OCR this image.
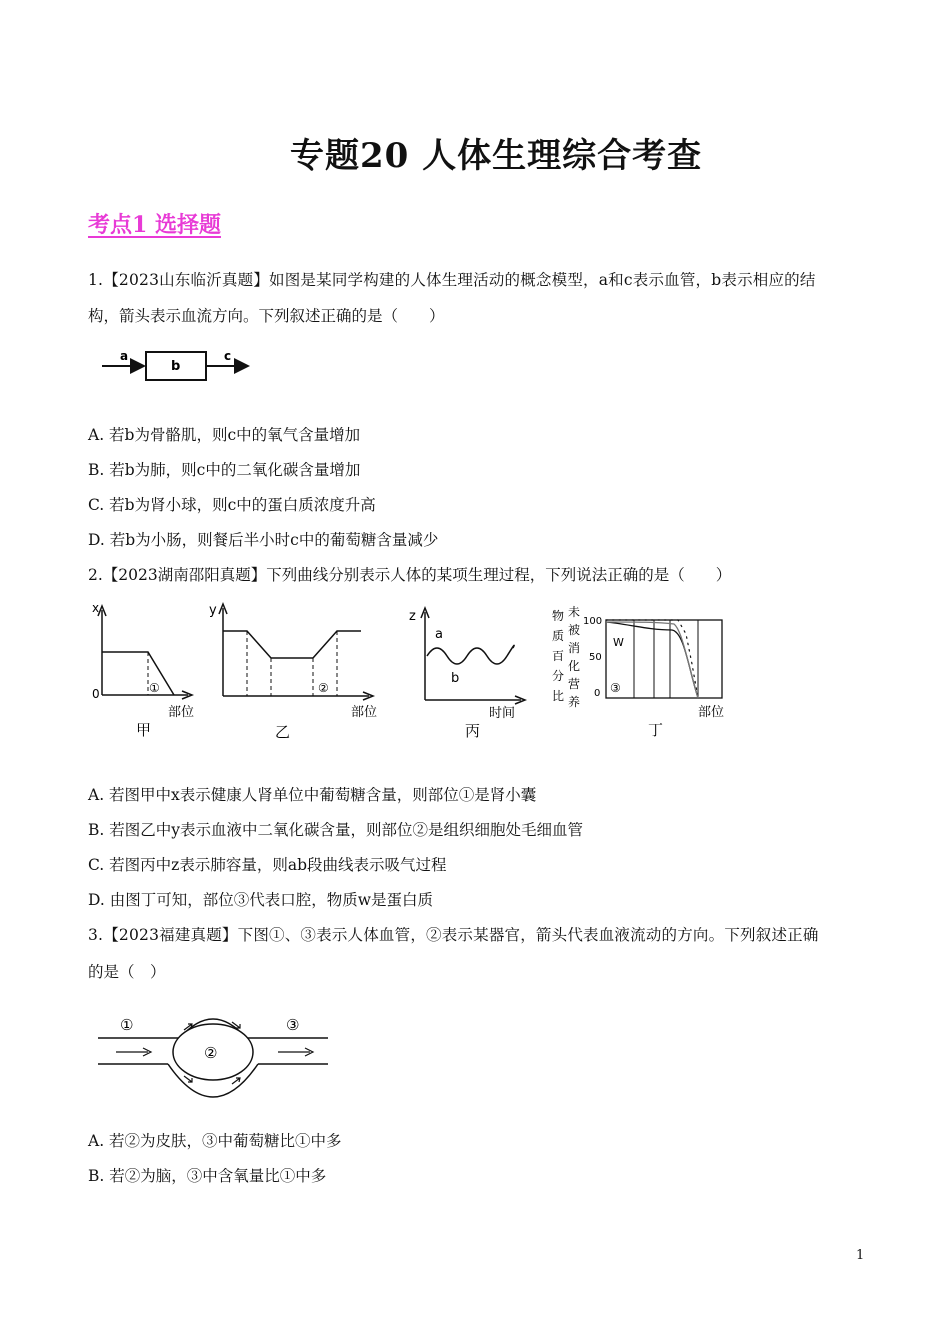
专题20 人体生理综合考查
考点1 选择题
1.【2023山东临沂真题】如图是某同学构建的人体生理活动的概念模型，a和c表示血管，b表示相应的结
构，箭头表示血流方向。下列叙述正确的是（　　）
a
b
c
A. 若b为骨骼肌，则c中的氧气含量增加
B. 若b为肺，则c中的二氧化碳含量增加
C. 若b为肾小球，则c中的蛋白质浓度升高
D. 若b为小肠，则餐后半小时c中的葡萄糖含量减少
2.【2023湖南邵阳真题】下列曲线分别表示人体的某项生理过程，下列说法正确的是（　　）
x
0	①
部位
甲
y
②
部位
乙
z
a
b
时间
丙
物
质
百
分
比
未
被
消
化
营
养
100
50
0
W
③
部位
丁
A. 若图甲中x表示健康人肾单位中葡萄糖含量，则部位①是肾小囊
B. 若图乙中y表示血液中二氧化碳含量，则部位②是组织细胞处毛细血管
C. 若图丙中z表示肺容量，则ab段曲线表示吸气过程
D. 由图丁可知，部位③代表口腔，物质w是蛋白质
3.【2023福建真题】下图①、③表示人体血管，②表示某器官，箭头代表血液流动的方向。下列叙述正确
的是（　）
①
②
③
A. 若②为皮肤，③中葡萄糖比①中多
B. 若②为脑，③中含氧量比①中多
1
